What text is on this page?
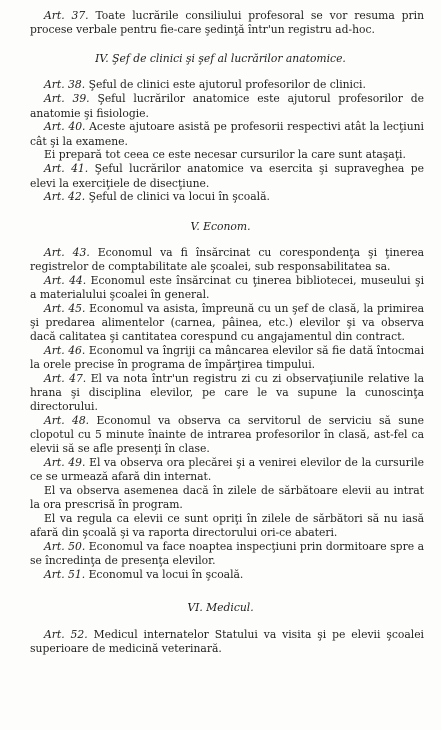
Art. 37. Toate lucrările consiliului profesoral se vor resuma prin procese verbale pentru fie-care şedinţă într'un registru ad-hoc.

IV. Şef de clinici şi şef al lucrărilor anatomice.

Art. 38. Şeful de clinici este ajutorul profesorilor de clinici.

Art. 39. Şeful lucrărilor anatomice este ajutorul profesorilor de anatomie şi fisiologie.

Art. 40. Aceste ajutoare asistă pe profesorii respectivi atât la lecţiuni cât şi la examene.

Ei prepară tot ceea ce este necesar cursurilor la care sunt ataşaţi.

Art. 41. Şeful lucrărilor anatomice va esercita şi supraveghea pe elevi la exerciţiele de disecţiune.

Art. 42. Şeful de clinici va locui în şcoală.

V. Econom.

Art. 43. Economul va fi însărcinat cu corespondenţa şi ţinerea registrelor de comptabilitate ale şcoalei, sub responsabilitatea sa.

Art. 44. Economul este însărcinat cu ţinerea bibliotecei, museului şi a materialului şcoalei în general.

Art. 45. Economul va asista, împreună cu un şef de clasă, la primirea şi predarea alimentelor (carnea, pâinea, etc.) elevilor şi va observa dacă calitatea şi cantitatea corespund cu angajamentul din contract.

Art. 46. Economul va îngriji ca mâncarea elevilor să fie dată întocmai la orele precise în programa de împărţirea timpului.

Art. 47. El va nota într'un registru zi cu zi observaţiunile relative la hrana şi disciplina elevilor, pe care le va supune la cunoscinţa directorului.

Art. 48. Economul va observa ca servitorul de serviciu să sune clopotul cu 5 minute înainte de intrarea profesorilor în clasă, ast-fel ca elevii să se afle presenţi în clase.

Art. 49. El va observa ora plecărei şi a venirei elevilor de la cursurile ce se urmează afară din internat.

El va observa asemenea dacă în zilele de sărbătoare elevii au intrat la ora prescrisă în program.

El va regula ca elevii ce sunt opriţi în zilele de sărbători să nu iasă afară din şcoală şi va raporta directorului ori-ce abateri.

Art. 50. Economul va face noaptea inspecţiuni prin dormitoare spre a se încredinţa de presenţa elevilor.

Art. 51. Economul va locui în şcoală.

VI. Medicul.

Art. 52. Medicul internatelor Statului va visita şi pe elevii şcoalei superioare de medicină veterinară.
